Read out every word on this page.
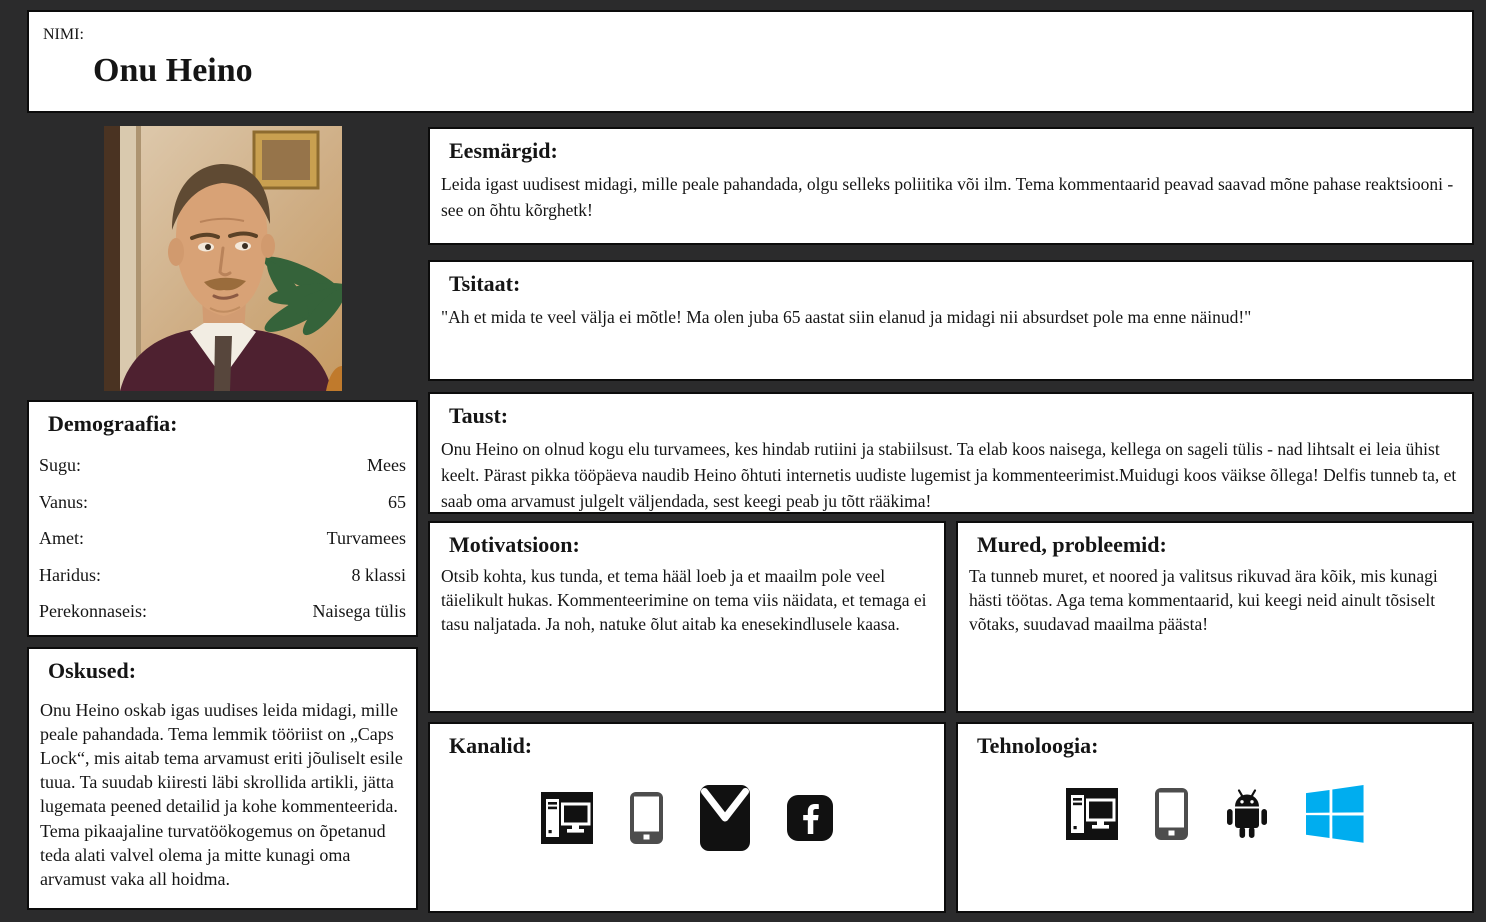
NIMI:
Onu Heino
Demograafia:
Sugu:	Mees
Vanus:	65
Amet:	Turvamees
Haridus:	8 klassi
Perekonnaseis:	Naisega tülis
Oskused:

Onu Heino oskab igas uudises leida midagi, mille peale pahandada. Tema lemmik tööriist on „Caps Lock“, mis aitab tema arvamust eriti jõuliselt esile tuua. Ta suudab kiiresti läbi skrollida artikli, jätta lugemata peened detailid ja kohe kommenteerida. Tema pikaajaline turvatöökogemus on õpetanud teda alati valvel olema ja mitte kunagi oma arvamust vaka all hoidma.

Eesmärgid:

Leida igast uudisest midagi, mille peale pahandada, olgu selleks poliitika või ilm. Tema kommentaarid peavad saavad mõne pahase reaktsiooni - see on õhtu kõrghetk!

Tsitaat:

"Ah et mida te veel välja ei mõtle! Ma olen juba 65 aastat siin elanud ja midagi nii absurdset pole ma enne näinud!"

Taust:

Onu Heino on olnud kogu elu turvamees, kes hindab rutiini ja stabiilsust. Ta elab koos naisega, kellega on sageli tülis - nad lihtsalt ei leia ühist keelt. Pärast pikka tööpäeva naudib Heino õhtuti internetis uudiste lugemist ja kommenteerimist.Muidugi koos väikse õllega! Delfis tunneb ta, et saab oma arvamust julgelt väljendada, sest keegi peab ju tõtt rääkima!

Motivatsioon:

Otsib kohta, kus tunda, et tema hääl loeb ja et maailm pole veel täielikult hukas. Kommenteerimine on tema viis näidata, et temaga ei tasu naljatada. Ja noh, natuke õlut aitab ka enesekindlusele kaasa.

Mured, probleemid:

Ta tunneb muret, et noored ja valitsus rikuvad ära kõik, mis kunagi hästi töötas. Aga tema kommentaarid, kui keegi neid ainult tõsiselt võtaks, suudavad maailma päästa!

Kanalid:	Tehnoloogia:
